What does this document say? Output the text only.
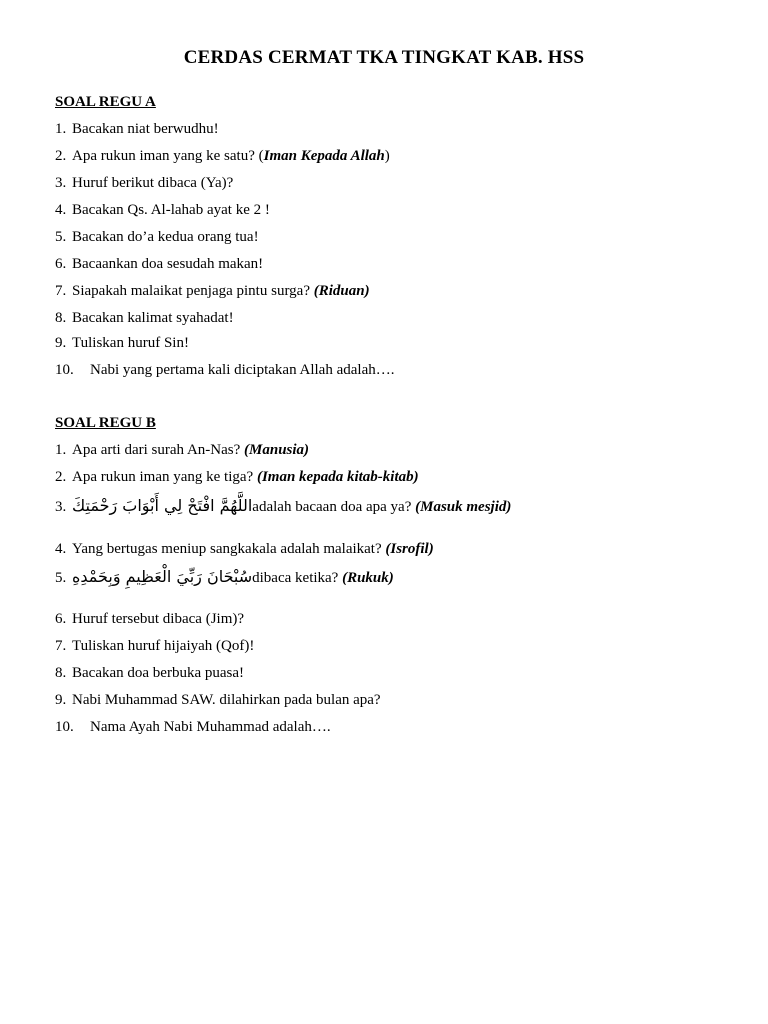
CERDAS CERMAT TKA TINGKAT KAB. HSS
SOAL REGU A
1. Bacakan niat berwudhu!
2. Apa rukun iman yang ke satu? (Iman Kepada Allah)
3. Huruf berikut dibaca (Ya)?
4. Bacakan Qs. Al-lahab ayat ke 2 !
5. Bacakan do’a kedua orang tua!
6. Bacaankan doa sesudah makan!
7. Siapakah malaikat penjaga pintu surga? (Riduan)
8. Bacakan kalimat syahadat!
9. Tuliskan huruf Sin!
10. Nabi yang pertama kali diciptakan Allah adalah….
SOAL REGU B
1. Apa arti dari surah An-Nas? (Manusia)
2. Apa rukun iman yang ke tiga? (Iman kepada kitab-kitab)
3. اللَّهُمَّ افْتَحْ لِي أَبْوَابَ رَحْمَتِكَadalah bacaan doa apa ya? (Masuk mesjid)
4. Yang bertugas meniup sangkakala adalah malaikat? (Isrofil)
5. سُبْحَانَ رَبِّيَ الْعَظِيمِ وَبِحَمْدِهِdibaca ketika? (Rukuk)
6. Huruf tersebut dibaca (Jim)?
7. Tuliskan huruf hijaiyah (Qof)!
8. Bacakan doa berbuka puasa!
9. Nabi Muhammad SAW. dilahirkan pada bulan apa?
10. Nama Ayah Nabi Muhammad adalah….
